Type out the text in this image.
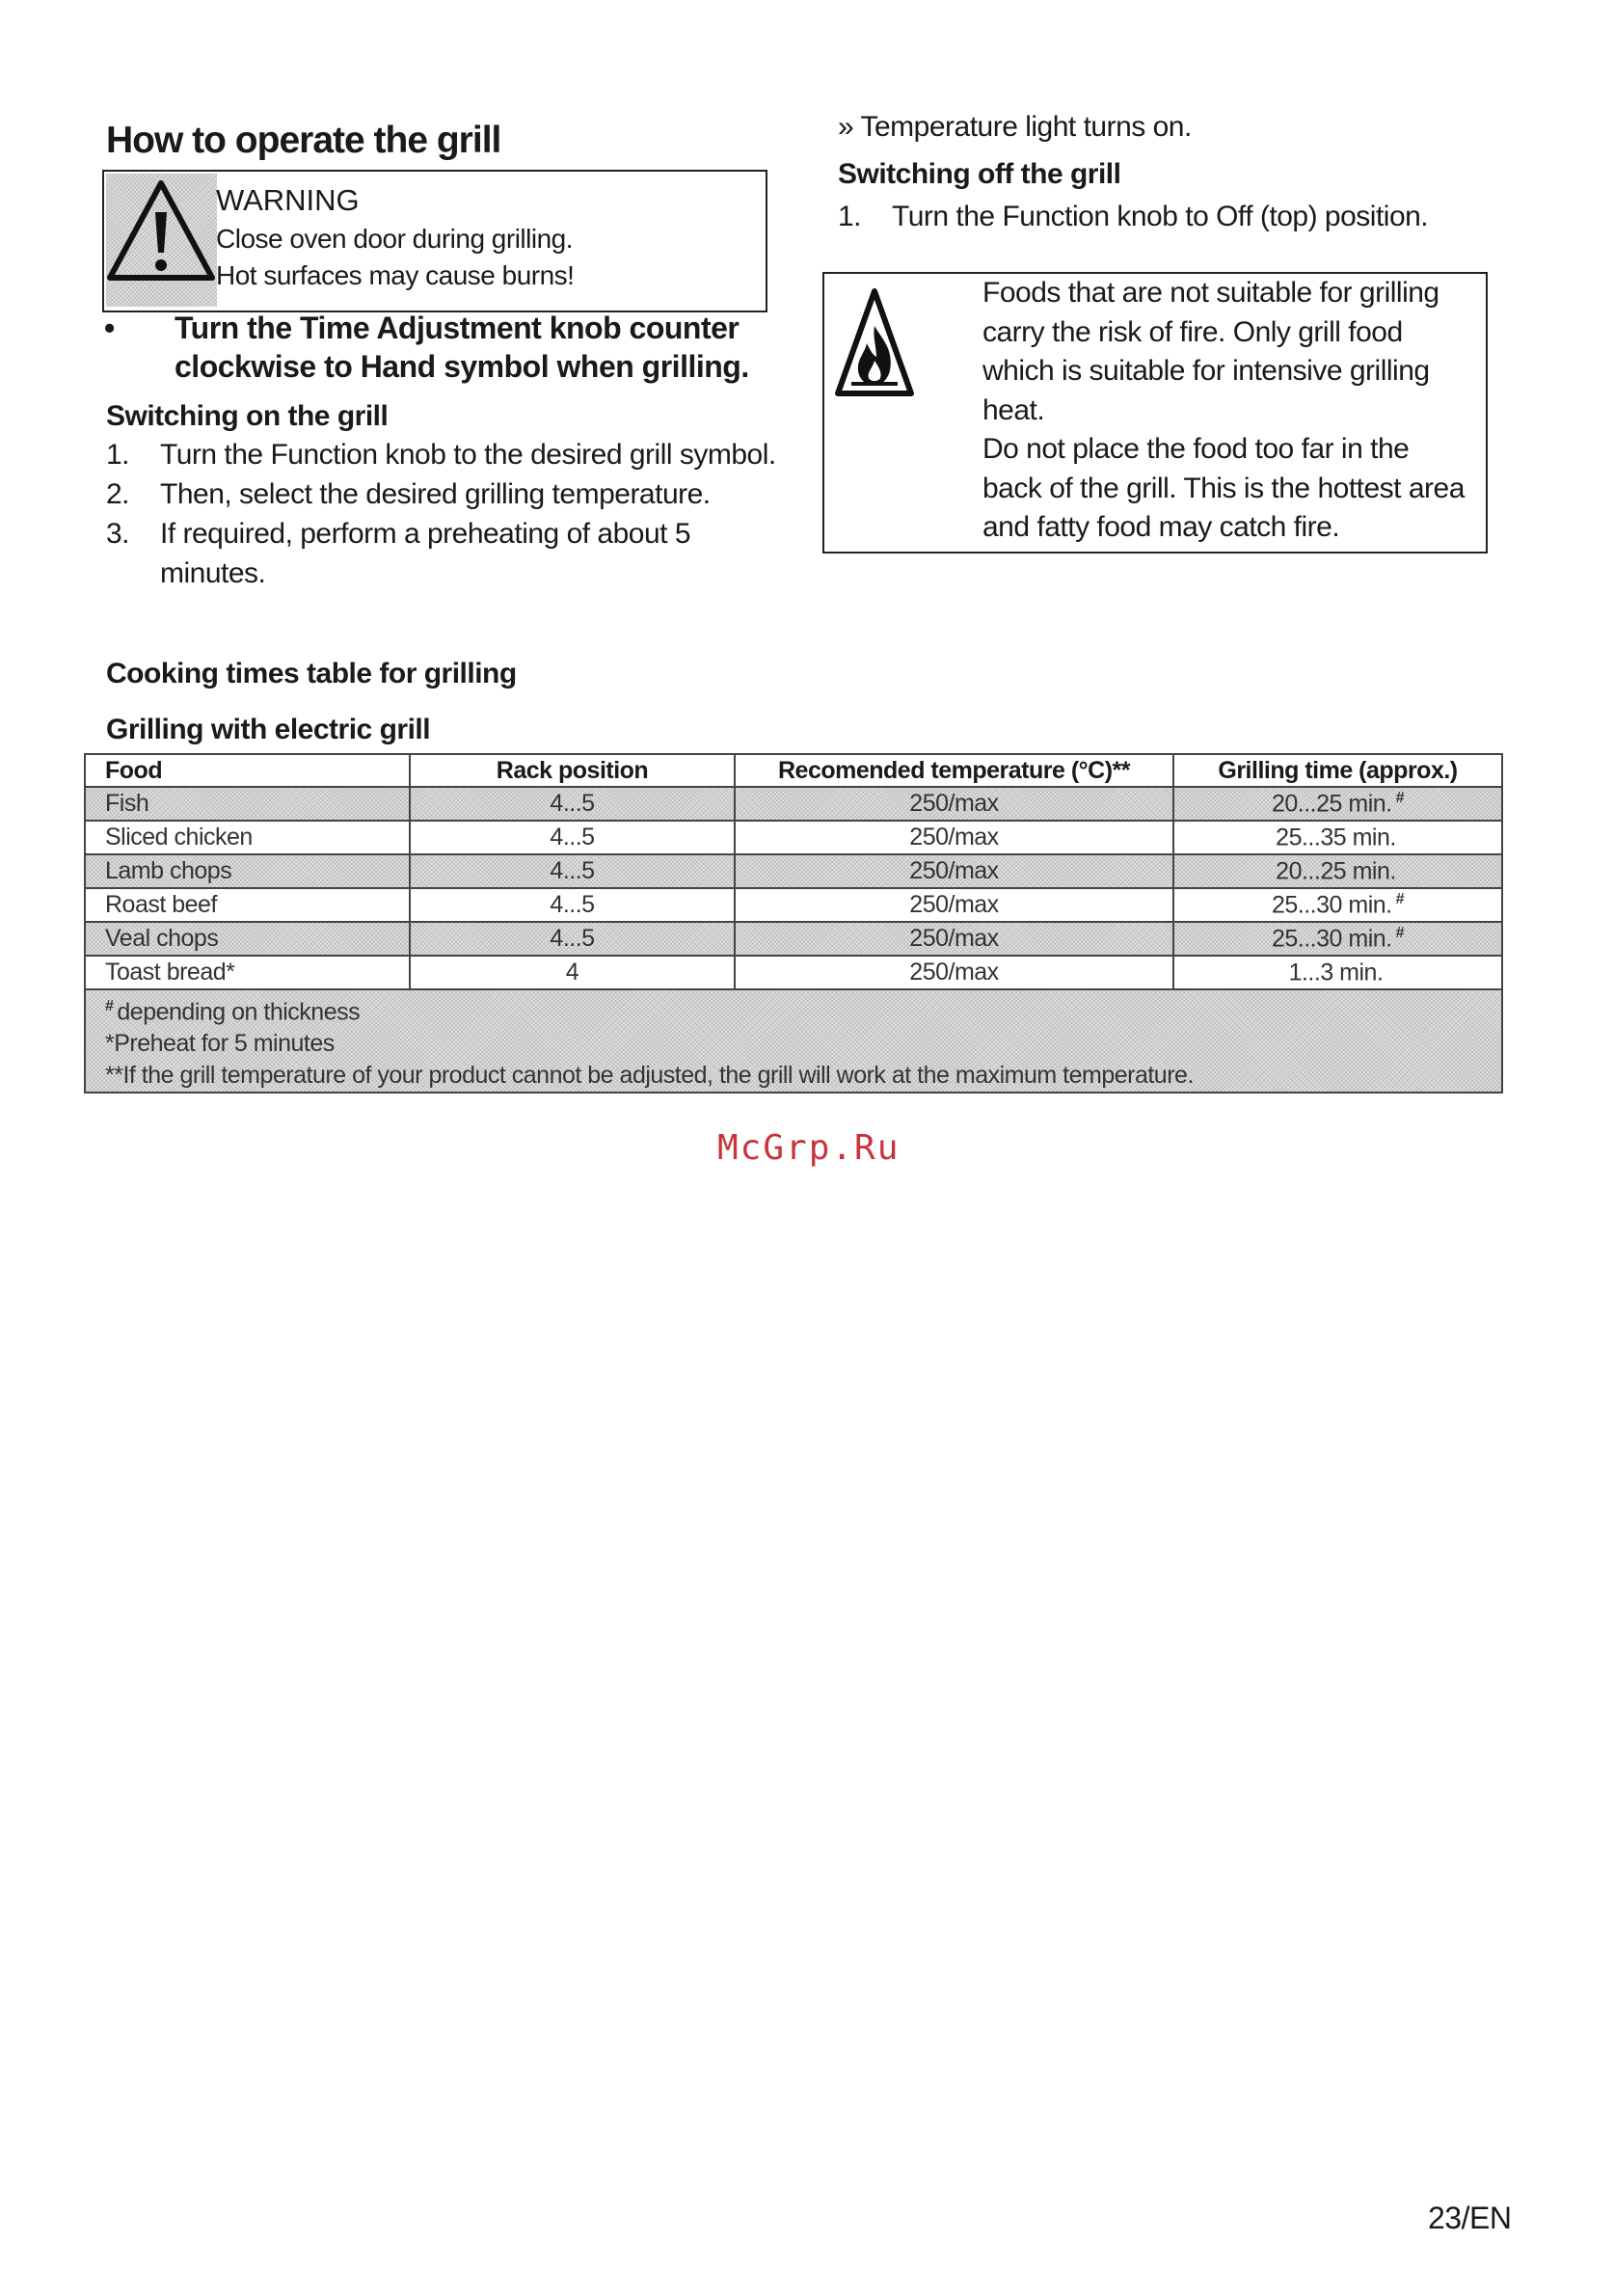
How to operate the grill
WARNING
Close oven door during grilling.
Hot surfaces may cause burns!
• Turn the Time Adjustment knob counter
clockwise to Hand symbol when grilling.
Switching on the grill
1. Turn the Function knob to the desired grill symbol.
2. Then, select the desired grilling temperature.
3. If required, perform a preheating of about 5
minutes.
» Temperature light turns on.
Switching off the grill
1. Turn the Function knob to Off (top) position.
Foods that are not suitable for grilling
carry the risk of fire. Only grill food
which is suitable for intensive grilling
heat.
Do not place the food too far in the
back of the grill. This is the hottest area
and fatty food may catch fire.
Cooking times table for grilling
Grilling with electric grill
Food	Rack position	Recomended temperature (°C)**	Grilling time (approx.)
Fish	4...5	250/max	20...25 min. #
Sliced chicken	4...5	250/max	25...35 min.
Lamb chops	4...5	250/max	20...25 min.
Roast beef	4...5	250/max	25...30 min. #
Veal chops	4...5	250/max	25...30 min. #
Toast bread*	4	250/max	1...3 min.

# depending on thickness
*Preheat for 5 minutes
**If the grill temperature of your product cannot be adjusted, the grill will work at the maximum temperature.			
McGrp.Ru
23/EN
